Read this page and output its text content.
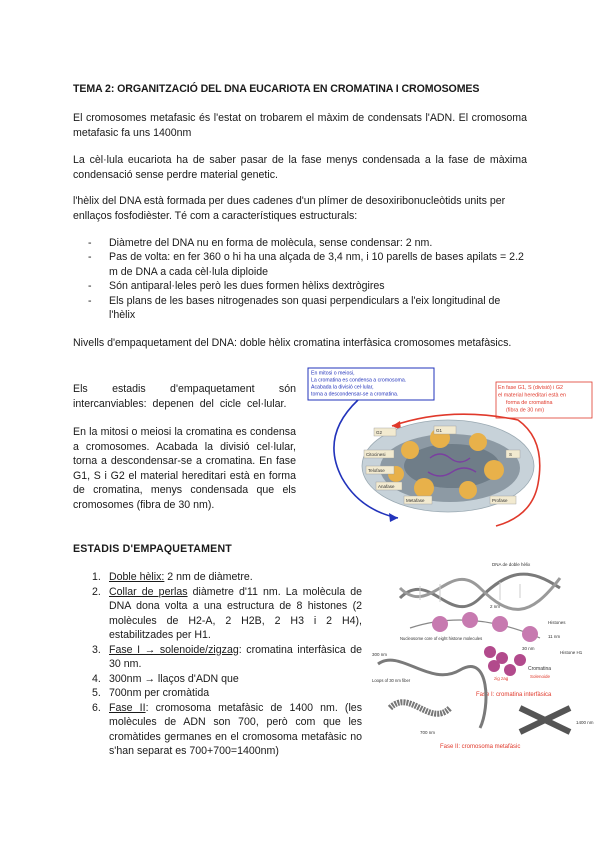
TEMA 2: ORGANITZACIÓ DEL DNA EUCARIOTA EN CROMATINA I CROMOSOMES
El cromosomes metafasic és l'estat on trobarem el màxim de condensats l'ADN. El cromosoma metafasic fa uns 1400nm
La cèl·lula eucariota ha de saber pasar de la fase menys condensada a la fase de màxima condensació sense perdre material genetic.
l'hèlix del DNA està formada per dues cadenes d'un plímer de desoxiribonucleòtids units per enllaços fosfodièster. Té com a característiques estructurals:
- Diàmetre del DNA nu en forma de molècula, sense condensar: 2 nm.
- Pas de volta: en fer 360 o hi ha una alçada de 3,4 nm, i 10 parells de bases apilats = 2.2 m de DNA a cada cèl·lula diploide
- Són antiparal·leles però les dues formen hèlixs dextrògires
- Els plans de les bases nitrogenades son quasi perpendiculars a l'eix longitudinal de l'hèlix
Nivells d'empaquetament del DNA: doble hèlix cromatina interfàsica cromosomes metafàsics.
Els estadis d'empaquetament són intercanviables: depenen del cicle cel·lular.
En la mitosi o meiosi la cromatina es condensa a cromosomes. Acabada la divisió cel·lular, torna a descondensar-se a cromatina. En fase G1, S i G2 el material hereditari està en forma de cromatina, menys condensada que els cromosomes (fibra de 30 nm).
ESTADIS D'EMPAQUETAMENT
1. Doble hèlix: 2 nm de diàmetre.
2. Collar de perlas diàmetre d'11 nm. La molècula de DNA dona volta a una estructura de 8 histones (2 molècules de H2-A, 2 H2B, 2 H3 i 2 H4), estabilitzades per H1.
3. Fase I → solenoide/zigzag: cromatina interfàsica de 30 nm.
4. 300nm → llaços d'ADN que
5. 700nm per cromàtida
6. Fase II: cromosoma metafàsic de 1400 nm. (les molècules de ADN son 700, però com que les cromàtides germanes en el cromosoma metafàsic no s'han separat es 700+700=1400nm)
En mitosi o meiosi, La cromatina es condensa a cromosoma. Acabada la divisió cel·lular, torna a descondensar-se a cromatina.
En fase G1, S (divisió) i G2 el material hereditari està en forma de cromatina (fibra de 30 nm)
G2	G1
S
Citocinesi
Telofase
Anafase
Metafase	Profase
DNA de doble hèlix
2 nm
Histones
11 nm
Histone H1
Nucleosome core of eight histone molecules
30 nm
Cromatina
zig zag	Solenoide
Fase I: cromatina interfàsica
300 nm
Loops of 30 nm fiber
700 nm
1400 nm
Fase II: cromosoma metafàsic
